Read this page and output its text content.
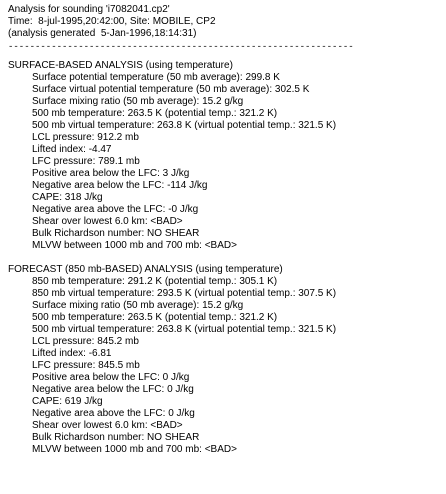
Analysis for sounding 'i7082041.cp2'
Time:  8-jul-1995,20:42:00, Site: MOBILE, CP2
(analysis generated  5-Jan-1996,18:14:31)
----------------------------------------------------------------
SURFACE-BASED ANALYSIS (using temperature)
Surface potential temperature (50 mb average): 299.8 K
Surface virtual potential temperature (50 mb average): 302.5 K
Surface mixing ratio (50 mb average): 15.2 g/kg
500 mb temperature: 263.5 K (potential temp.: 321.2 K)
500 mb virtual temperature: 263.8 K (virtual potential temp.: 321.5 K)
LCL pressure: 912.2 mb
Lifted index: -4.47
LFC pressure: 789.1 mb
Positive area below the LFC: 3 J/kg
Negative area below the LFC: -114 J/kg
CAPE: 318 J/kg
Negative area above the LFC: -0 J/kg
Shear over lowest 6.0 km: <BAD>
Bulk Richardson number: NO SHEAR
MLVW between 1000 mb and 700 mb: <BAD>
FORECAST (850 mb-BASED) ANALYSIS (using temperature)
850 mb temperature: 291.2 K (potential temp.: 305.1 K)
850 mb virtual temperature: 293.5 K (virtual potential temp.: 307.5 K)
Surface mixing ratio (50 mb average): 15.2 g/kg
500 mb temperature: 263.5 K (potential temp.: 321.2 K)
500 mb virtual temperature: 263.8 K (virtual potential temp.: 321.5 K)
LCL pressure: 845.2 mb
Lifted index: -6.81
LFC pressure: 845.5 mb
Positive area below the LFC: 0 J/kg
Negative area below the LFC: 0 J/kg
CAPE: 619 J/kg
Negative area above the LFC: 0 J/kg
Shear over lowest 6.0 km: <BAD>
Bulk Richardson number: NO SHEAR
MLVW between 1000 mb and 700 mb: <BAD>
